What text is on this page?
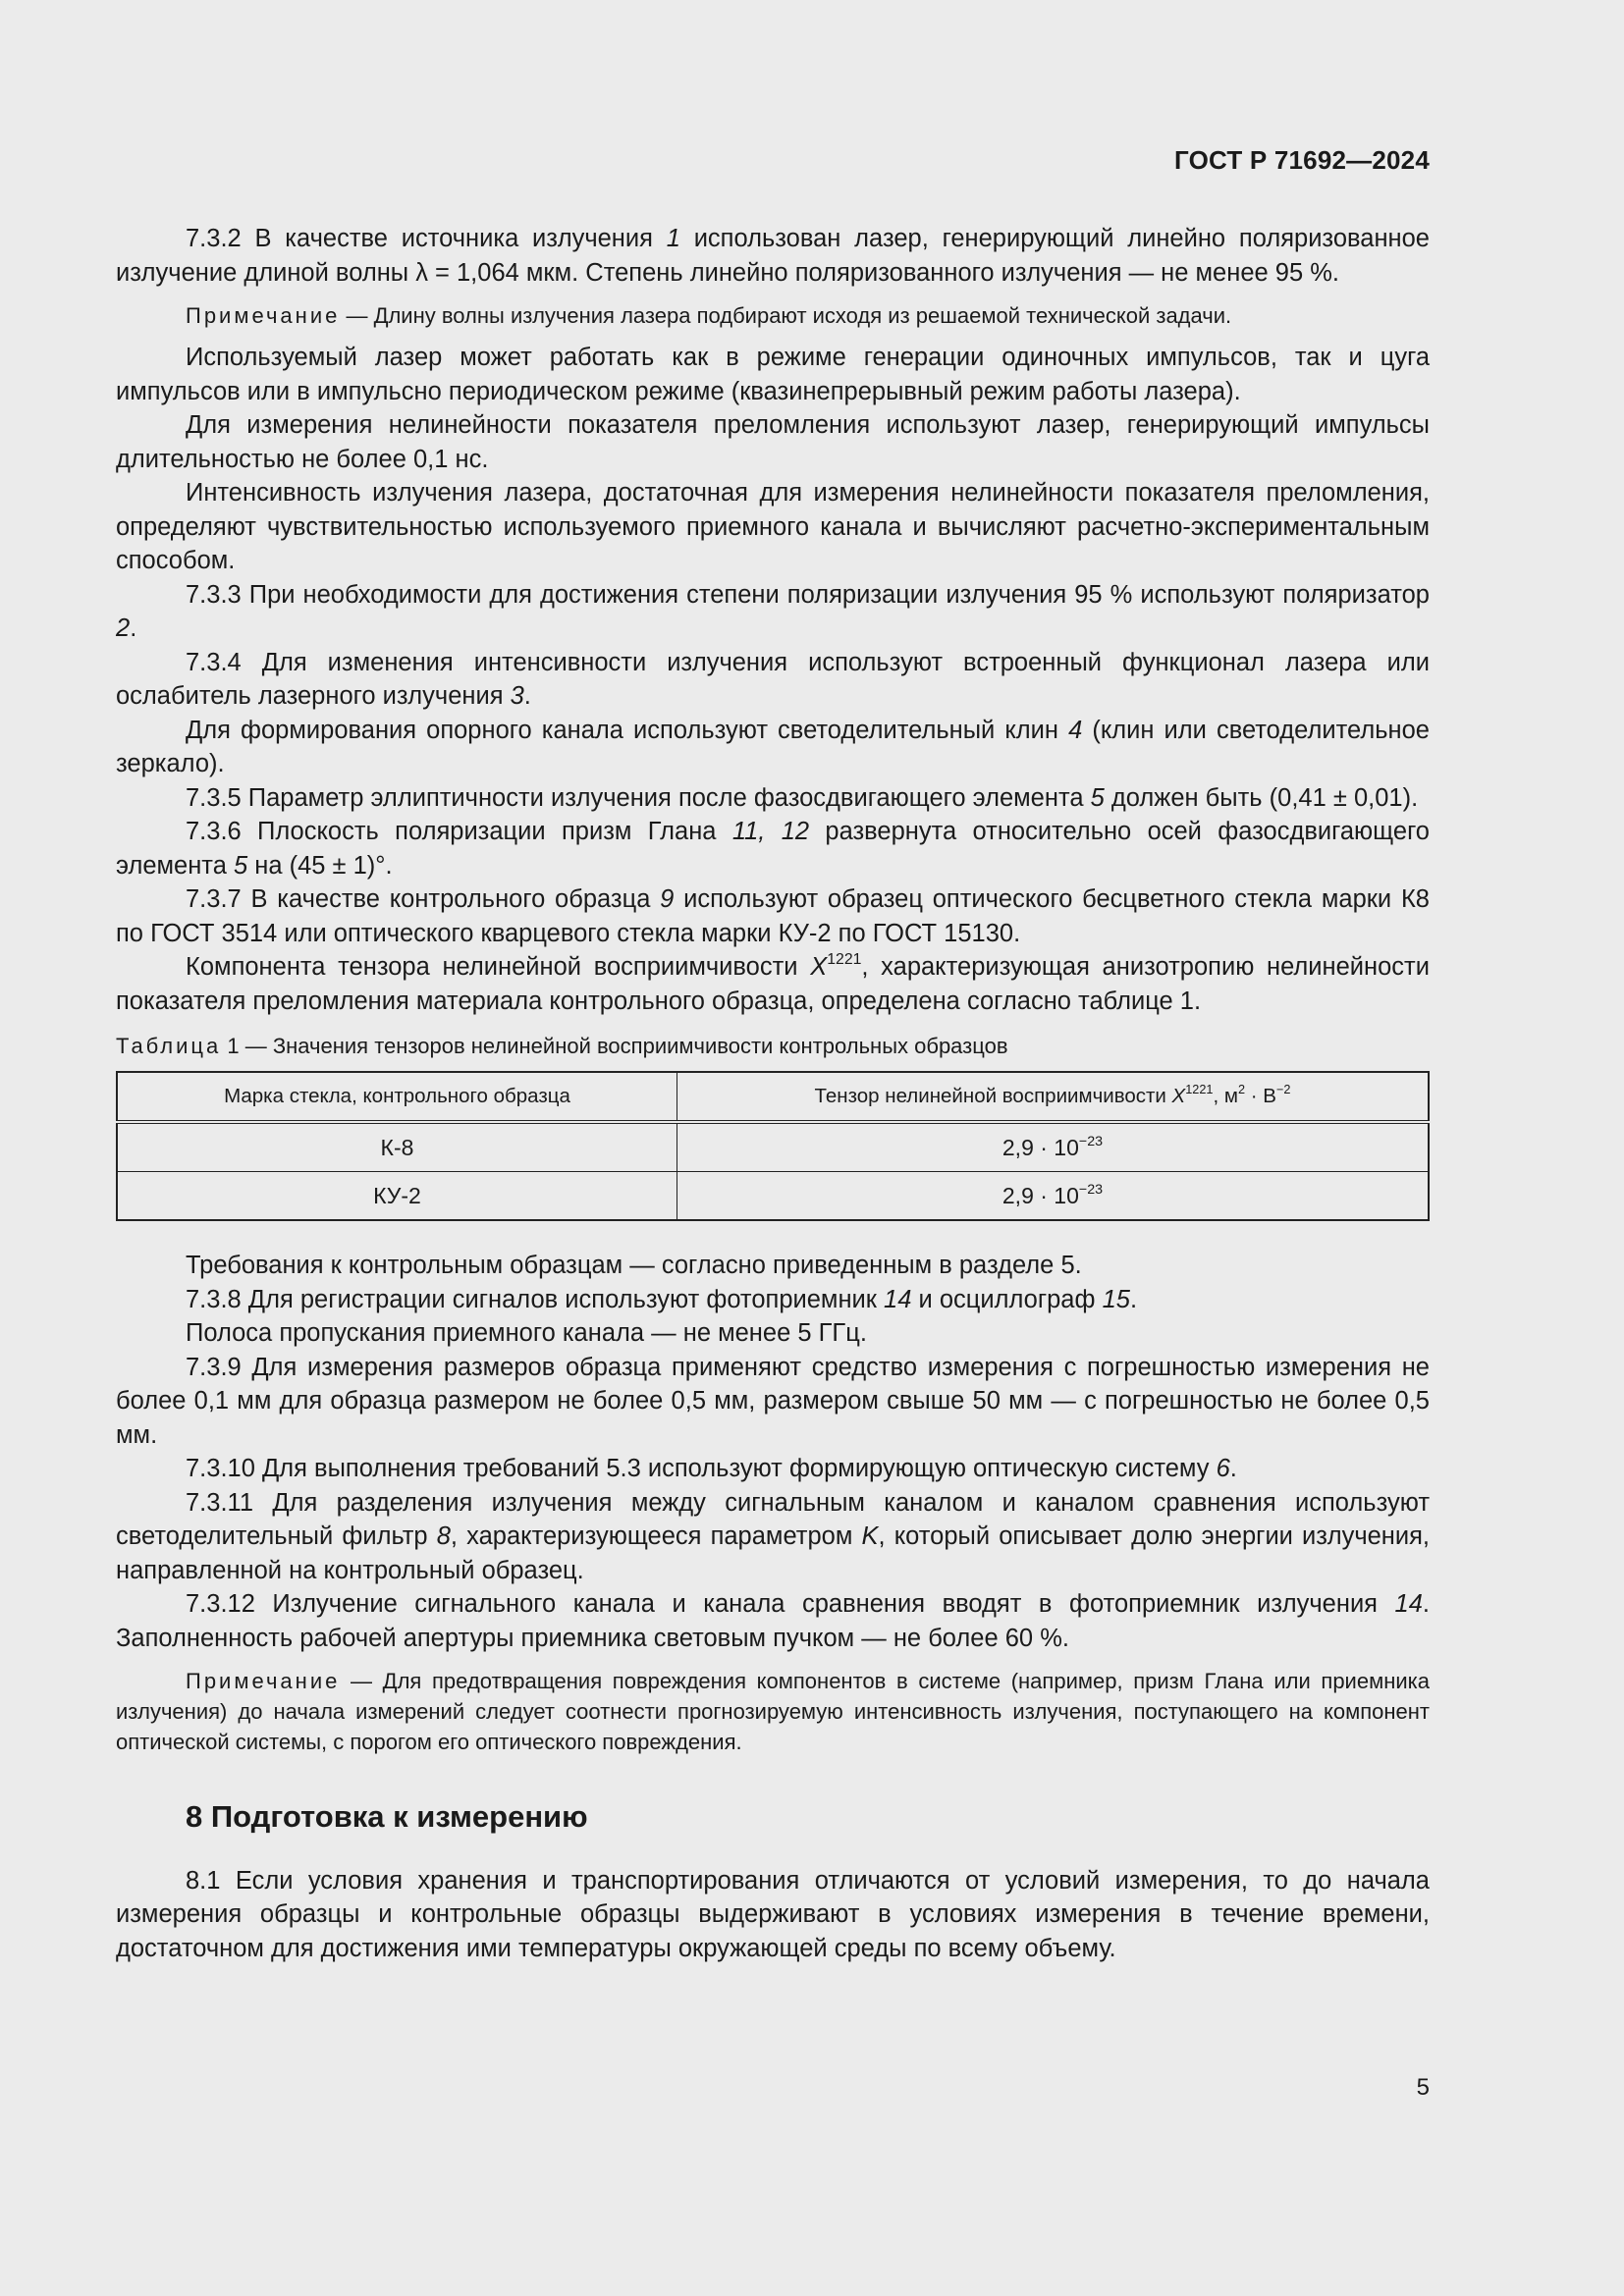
ГОСТ Р 71692—2024

7.3.2 В качестве источника излучения 1 использован лазер, генерирующий линейно поляризованное излучение длиной волны λ = 1,064 мкм. Степень линейно поляризованного излучения — не менее 95 %.

Примечание — Длину волны излучения лазера подбирают исходя из решаемой технической задачи.

Используемый лазер может работать как в режиме генерации одиночных импульсов, так и цуга импульсов или в импульсно периодическом режиме (квазинепрерывный режим работы лазера).

Для измерения нелинейности показателя преломления используют лазер, генерирующий импульсы длительностью не более 0,1 нс.

Интенсивность излучения лазера, достаточная для измерения нелинейности показателя преломления, определяют чувствительностью используемого приемного канала и вычисляют расчетно-экспериментальным способом.

7.3.3 При необходимости для достижения степени поляризации излучения 95 % используют поляризатор 2.

7.3.4 Для изменения интенсивности излучения используют встроенный функционал лазера или ослабитель лазерного излучения 3.

Для формирования опорного канала используют светоделительный клин 4 (клин или светоделительное зеркало).

7.3.5 Параметр эллиптичности излучения после фазосдвигающего элемента 5 должен быть (0,41 ± 0,01).

7.3.6 Плоскость поляризации призм Глана 11, 12 развернута относительно осей фазосдвигающего элемента 5 на (45 ± 1)°.

7.3.7 В качестве контрольного образца 9 используют образец оптического бесцветного стекла марки К8 по ГОСТ 3514 или оптического кварцевого стекла марки КУ-2 по ГОСТ 15130.

Компонента тензора нелинейной восприимчивости $X^{1221}$, характеризующая анизотропию нелинейности показателя преломления материала контрольного образца, определена согласно таблице 1.

Таблица 1 — Значения тензоров нелинейной восприимчивости контрольных образцов

Марка стекла, контрольного образца	Тензор нелинейной восприимчивости $X^{1221}$, $м^2 \cdot В^{-2}$
К-8	$2,9 \cdot 10^{-23}$
КУ-2	$2,9 \cdot 10^{-23}$

Требования к контрольным образцам — согласно приведенным в разделе 5.

7.3.8 Для регистрации сигналов используют фотоприемник 14 и осциллограф 15.

Полоса пропускания приемного канала — не менее 5 ГГц.

7.3.9 Для измерения размеров образца применяют средство измерения с погрешностью измерения не более 0,1 мм для образца размером не более 0,5 мм, размером свыше 50 мм — с погрешностью не более 0,5 мм.

7.3.10 Для выполнения требований 5.3 используют формирующую оптическую систему 6.

7.3.11 Для разделения излучения между сигнальным каналом и каналом сравнения используют светоделительный фильтр 8, характеризующееся параметром K, который описывает долю энергии излучения, направленной на контрольный образец.

7.3.12 Излучение сигнального канала и канала сравнения вводят в фотоприемник излучения 14. Заполненность рабочей апертуры приемника световым пучком — не более 60 %.

Примечание — Для предотвращения повреждения компонентов в системе (например, призм Глана или приемника излучения) до начала измерений следует соотнести прогнозируемую интенсивность излучения, поступающего на компонент оптической системы, с порогом его оптического повреждения.

8 Подготовка к измерению

8.1 Если условия хранения и транспортирования отличаются от условий измерения, то до начала измерения образцы и контрольные образцы выдерживают в условиях измерения в течение времени, достаточном для достижения ими температуры окружающей среды по всему объему.

5
